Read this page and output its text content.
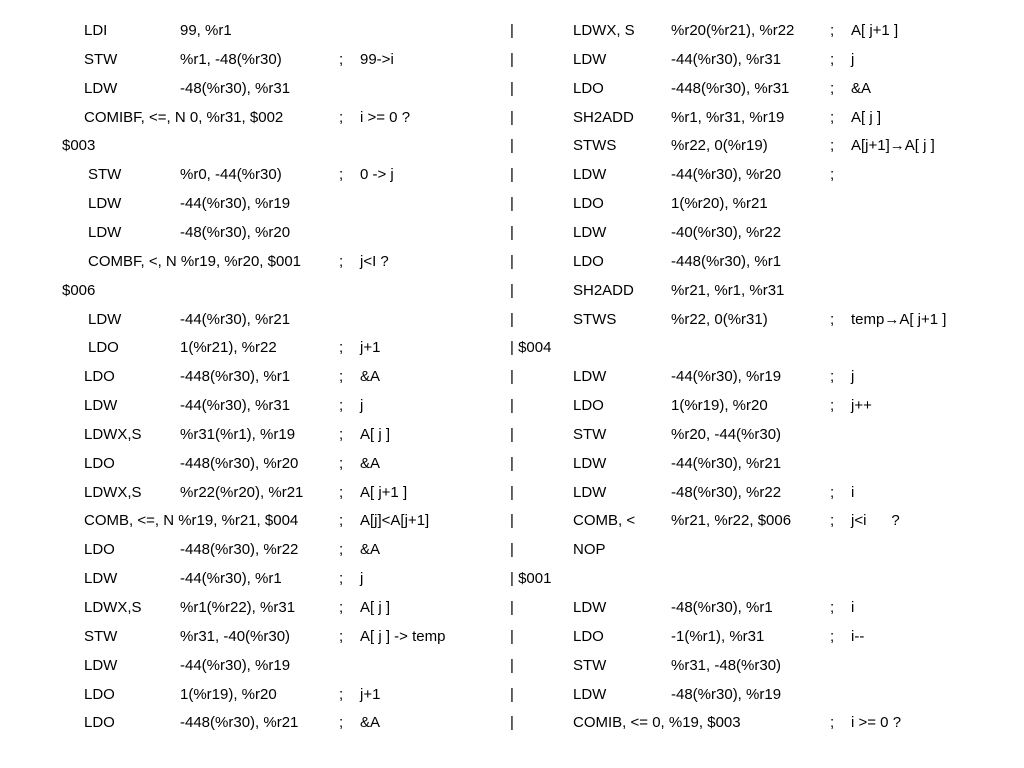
LDI	99, %r1	|	LDWX, S %r20(%r21), %r22 ; A[ j+1 ]
STW	%r1, -48(%r30)	; 99->i	|	LDW	-44(%r30), %r31	; j
LDW	-48(%r30), %r31	|	LDO	-448(%r30), %r31	; &A
COMIBF, <=, N 0, %r31, $002	; i >= 0 ?	|	SH2ADD %r1, %r31, %r19	; A[ j ]
$003	|	STWS	%r22, 0(%r19)	; A[j+1]→A[ j ]
STW	%r0, -44(%r30)	; 0 -> j	|	LDW	-44(%r30), %r20	;
LDW	-44(%r30), %r19	|	LDO	1(%r20), %r21
LDW	-48(%r30), %r20	|	LDW	-40(%r30), %r22
COMBF, <, N %r19, %r20, $001	; j<I ?	|	LDO	-448(%r30), %r1
$006	|	SH2ADD %r21, %r1, %r31
LDW	-44(%r30), %r21	|	STWS	%r22, 0(%r31)	; temp→A[ j+1 ]
LDO	1(%r21), %r22	; j+1	| $004
LDO	-448(%r30), %r1	; &A	|	LDW	-44(%r30), %r19	; j
LDW	-44(%r30), %r31	; j	|	LDO	1(%r19), %r20	; j++
LDWX,S	%r31(%r1), %r19	; A[ j ]	|	STW	%r20, -44(%r30)
LDO	-448(%r30), %r20	; &A	|	LDW	-44(%r30), %r21
LDWX,S	%r22(%r20), %r21 ; A[ j+1 ]	|	LDW	-48(%r30), %r22	; i
COMB, <=, N %r19, %r21, $004	; A[j]<A[j+1]	|	COMB, < %r21, %r22, $006	; j<i      ?
LDO	-448(%r30), %r22	; &A	|	NOP
LDW	-44(%r30), %r1	; j	| $001
LDWX,S	%r1(%r22), %r31	; A[ j ]	|	LDW	-48(%r30), %r1	; i
STW	%r31, -40(%r30)	; A[ j ] -> temp	|	LDO	-1(%r1), %r31	; i--
LDW	-44(%r30), %r19	|	STW	%r31, -48(%r30)
LDO	1(%r19), %r20	; j+1	|	LDW	-48(%r30), %r19
LDO	-448(%r30), %r21	; &A	|	COMIB, <= 0, %19, $003	; i >= 0 ?
